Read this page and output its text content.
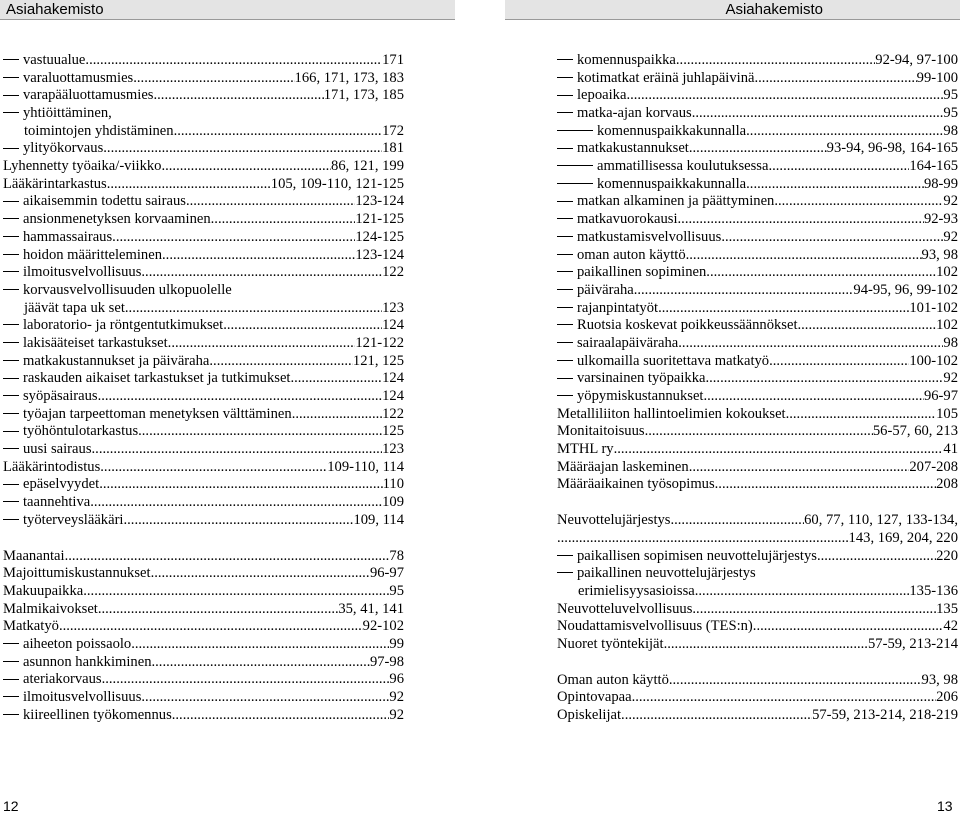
Asiahakemisto	Asiahakemisto
vastuualue .....	171
varaluottamusmies .....	166, 171, 173, 183
varapääluottamusmies .....	171, 173, 185
yhtiöittäminen,
toimintojen yhdistäminen .....	172
ylityökorvaus .....	181
Lyhennetty työaika/-viikko .....	86, 121, 199
Lääkärintarkastus .....	105, 109-110, 121-125
aikaisemmin todettu sairaus .....	123-124
ansionmenetyksen korvaaminen .....	121-125
hammassairaus .....	124-125
hoidon määritteleminen .....	123-124
ilmoitusvelvollisuus .....	122
korvausvelvollisuuden ulkopuolelle
jäävät tapa uk set .....	123
laboratorio- ja röntgentutkimukset .....	124
lakisääteiset tarkastukset .....	121-122
matkakustannukset ja päiväraha .....	121, 125
raskauden aikaiset tarkastukset ja tutkimukset .....	124
syöpäsairaus .....	124
työajan tarpeettoman menetyksen välttäminen .....	122
työhöntulotarkastus .....	125
uusi sairaus .....	123
Lääkärintodistus .....	109-110, 114
epäselvyydet .....	110
taannehtiva .....	109
työterveyslääkäri .....	109, 114
Maanantai .....	78
Majoittumiskustannukset .....	96-97
Makuupaikka .....	95
Malmikaivokset .....	35, 41, 141
Matkatyö .....	92-102
aiheeton poissaolo .....	99
asunnon hankkiminen .....	97-98
ateriakorvaus .....	96
ilmoitusvelvollisuus .....	92
kiireellinen työkomennus .....	92
komennuspaikka .....	92-94, 97-100
kotimatkat eräinä juhlapäivinä .....	99-100
lepoaika .....	95
matka-ajan korvaus .....	95
komennuspaikkakunnalla .....	98
matkakustannukset .....	93-94, 96-98, 164-165
ammatillisessa koulutuksessa .....	164-165
komennuspaikkakunnalla .....	98-99
matkan alkaminen ja päättyminen .....	92
matkavuorokausi .....	92-93
matkustamisvelvollisuus .....	92
oman auton käyttö .....	93, 98
paikallinen sopiminen .....	102
päiväraha .....	94-95, 96, 99-102
rajanpintatyöt .....	101-102
Ruotsia koskevat poikkeussäännökset .....	102
sairaalapäiväraha .....	98
ulkomailla suoritettava matkatyö .....	100-102
varsinainen työpaikka .....	92
yöpymiskustannukset .....	96-97
Metalliliiton hallintoelimien kokoukset .....	105
Monitaitoisuus .....	56-57, 60, 213
MTHL ry .....	41
Määräajan laskeminen .....	207-208
Määräaikainen työsopimus .....	208
Neuvottelujärjestys .....	60, 77, 110, 127, 133-134,
.....
143, 169, 204, 220
paikallisen sopimisen neuvottelujärjestys .....	220
paikallinen neuvottelujärjestys
erimielisyysasioissa .....	135-136
Neuvotteluvelvollisuus .....	135
Noudattamisvelvollisuus (TES:n) .....	42
Nuoret työntekijät .....	57-59, 213-214
Oman auton käyttö .....	93, 98
Opintovapaa .....	206
Opiskelijat .....	57-59, 213-214, 218-219
12	13
